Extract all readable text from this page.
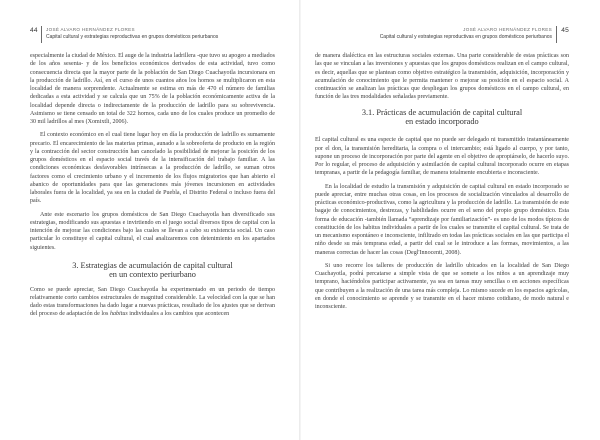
44 JOSÉ ALVARO HERNÁNDEZ FLORES
Capital cultural y estrategias reproductivas en grupos domésticos periurbanos

especialmente la ciudad de México. El auge de la industria ladrillera -que tuvo su apogeo a mediados de los años sesenta- y de los beneficios económicos derivados de esta actividad, tuvo como consecuencia directa que la mayor parte de la población de San Diego Cuachayotla incursionara en la producción de ladrillo. Así, en el curso de unos cuantos años los hornos se multiplicaron en esta localidad de manera sorprendente. Actualmente se estima en más de 470 el número de familias dedicadas a esta actividad y se calcula que un 75% de la población económicamente activa de la localidad depende directa o indirectamente de la producción de ladrillo para su sobrevivencia. Asimismo se tiene censado un total de 322 hornos, cada uno de los cuales produce un promedio de 30 mil ladrillos al mes (Xomixtli, 2006).

El contexto económico en el cual tiene lugar hoy en día la producción de ladrillo es sumamente precario. El encarecimiento de las materias primas, aunado a la sobreoferta de producto en la región y la contracción del sector construcción han cancelado la posibilidad de mejorar la posición de los grupos domésticos en el espacio social través de la intensificación del trabajo familiar. A las condiciones económicas desfavorables intrínsecas a la producción de ladrillo, se suman otros factores como el crecimiento urbano y el incremento de los flujos migratorios que han abierto el abanico de oportunidades para que las generaciones más jóvenes incursionen en actividades laborales fuera de la localidad, ya sea en la ciudad de Puebla, el Distrito Federal o incluso fuera del país.

Ante este escenario los grupos domésticos de San Diego Cuachayotla han diversificado sus estrategias, modificando sus apuestas e invirtiendo en el juego social diversos tipos de capital con la intención de mejorar las condiciones bajo las cuales se llevan a cabo su existencia social. Un caso particular lo constituye el capital cultural, el cual analizaremos con detenimiento en los apartados siguientes.

3. Estrategias de acumulación de capital cultural
en un contexto periurbano

Como se puede apreciar, San Diego Cuachayotla ha experimentado en un periodo de tiempo relativamente corto cambios estructurales de magnitud considerable. La velocidad con la que se han dado estas transformaciones ha dado lugar a nuevas prácticas, resultado de los ajustes que se derivan del proceso de adaptación de los habitus individuales a los cambios que acontecen

JOSÉ ALVARO HERNÁNDEZ FLORES
Capital cultural y estrategias reproductivas en grupos domésticos periurbanos
45

de manera dialéctica en las estructuras sociales externas. Una parte considerable de estas prácticas son las que se vinculan a las inversiones y apuestas que los grupos domésticos realizan en el campo cultural, es decir, aquellas que se plantean como objetivo estratégico la transmisión, adquisición, incorporación y acumulación de conocimiento que le permita mantener o mejorar su posición en el espacio social. A continuación se analizan las prácticas que despliegan los grupos domésticos en el campo cultural, en función de las tres modalidades señaladas previamente.

3.1. Prácticas de acumulación de capital cultural
en estado incorporado

El capital cultural es una especie de capital que no puede ser delegado ni transmitido instantáneamente por el don, la transmisión hereditaria, la compra o el intercambio; está ligado al cuerpo, y por tanto, supone un proceso de incorporación por parte del agente en el objetivo de apropiárselo, de hacerlo suyo. Por lo regular, el proceso de adquisición y asimilación de capital cultural incorporado ocurre en etapas tempranas, a partir de la pedagogía familiar, de manera totalmente encubierta e inconsciente.

En la localidad de estudio la transmisión y adquisición de capital cultural en estado incorporado se puede apreciar, entre muchas otras cosas, en los procesos de socialización vinculados al desarrollo de prácticas económico-productivas, como la agricultura y la producción de ladrillo. La transmisión de este bagaje de conocimientos, destrezas, y habilidades ocurre en el seno del propio grupo doméstico. Esta forma de educación -también llamada “aprendizaje por familiarización”- es uno de los modos típicos de constitución de los habitus individuales a partir de los cuales se transmite el capital cultural. Se trata de un mecanismo espontáneo e inconsciente, infiltrado en todas las prácticas sociales en las que participa el niño desde su más temprana edad, a partir del cual se le introduce a las formas, movimientos, a las maneras correctas de hacer las cosas (Degl'Innocenti, 2008).

Si uno recorre los talleres de producción de ladrillo ubicados en la localidad de San Diego Cuachayotla, podrá percatarse a simple vista de que se somete a los niños a un aprendizaje muy temprano, haciéndolos participar activamente, ya sea en tareas muy sencillas o en acciones específicas que contribuyen a la realización de una tarea más compleja. Lo mismo sucede en los espacios agrícolas, en donde el conocimiento se aprende y se transmite en el hacer mismo cotidiano, de modo natural e inconsciente.
